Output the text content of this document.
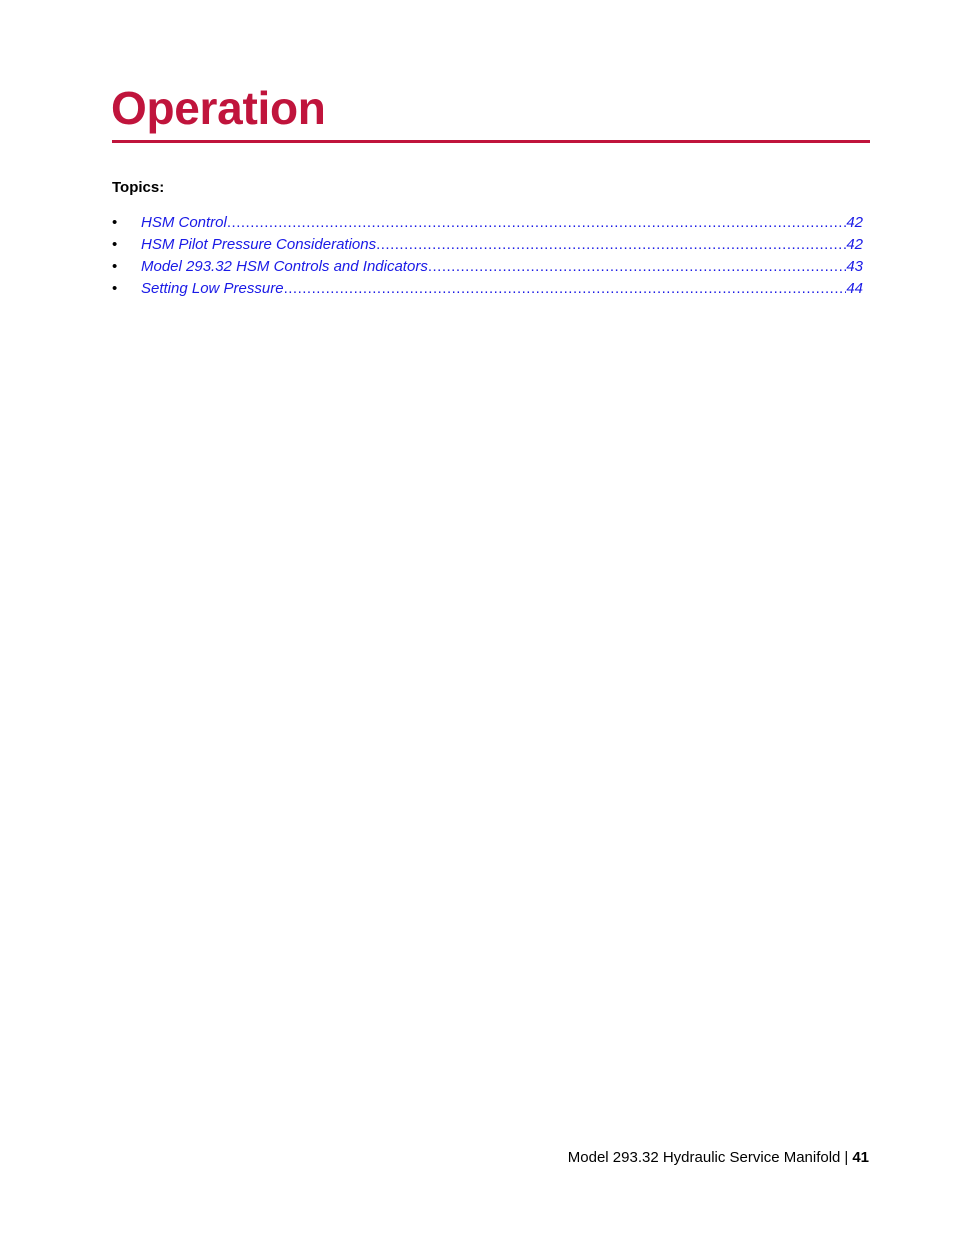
Operation
Topics:
•	HSM Control .....	42
•	HSM Pilot Pressure Considerations .....	42
•	Model 293.32 HSM Controls and Indicators .....	43
•	Setting Low Pressure .....	44
Model 293.32 Hydraulic Service Manifold | 41
